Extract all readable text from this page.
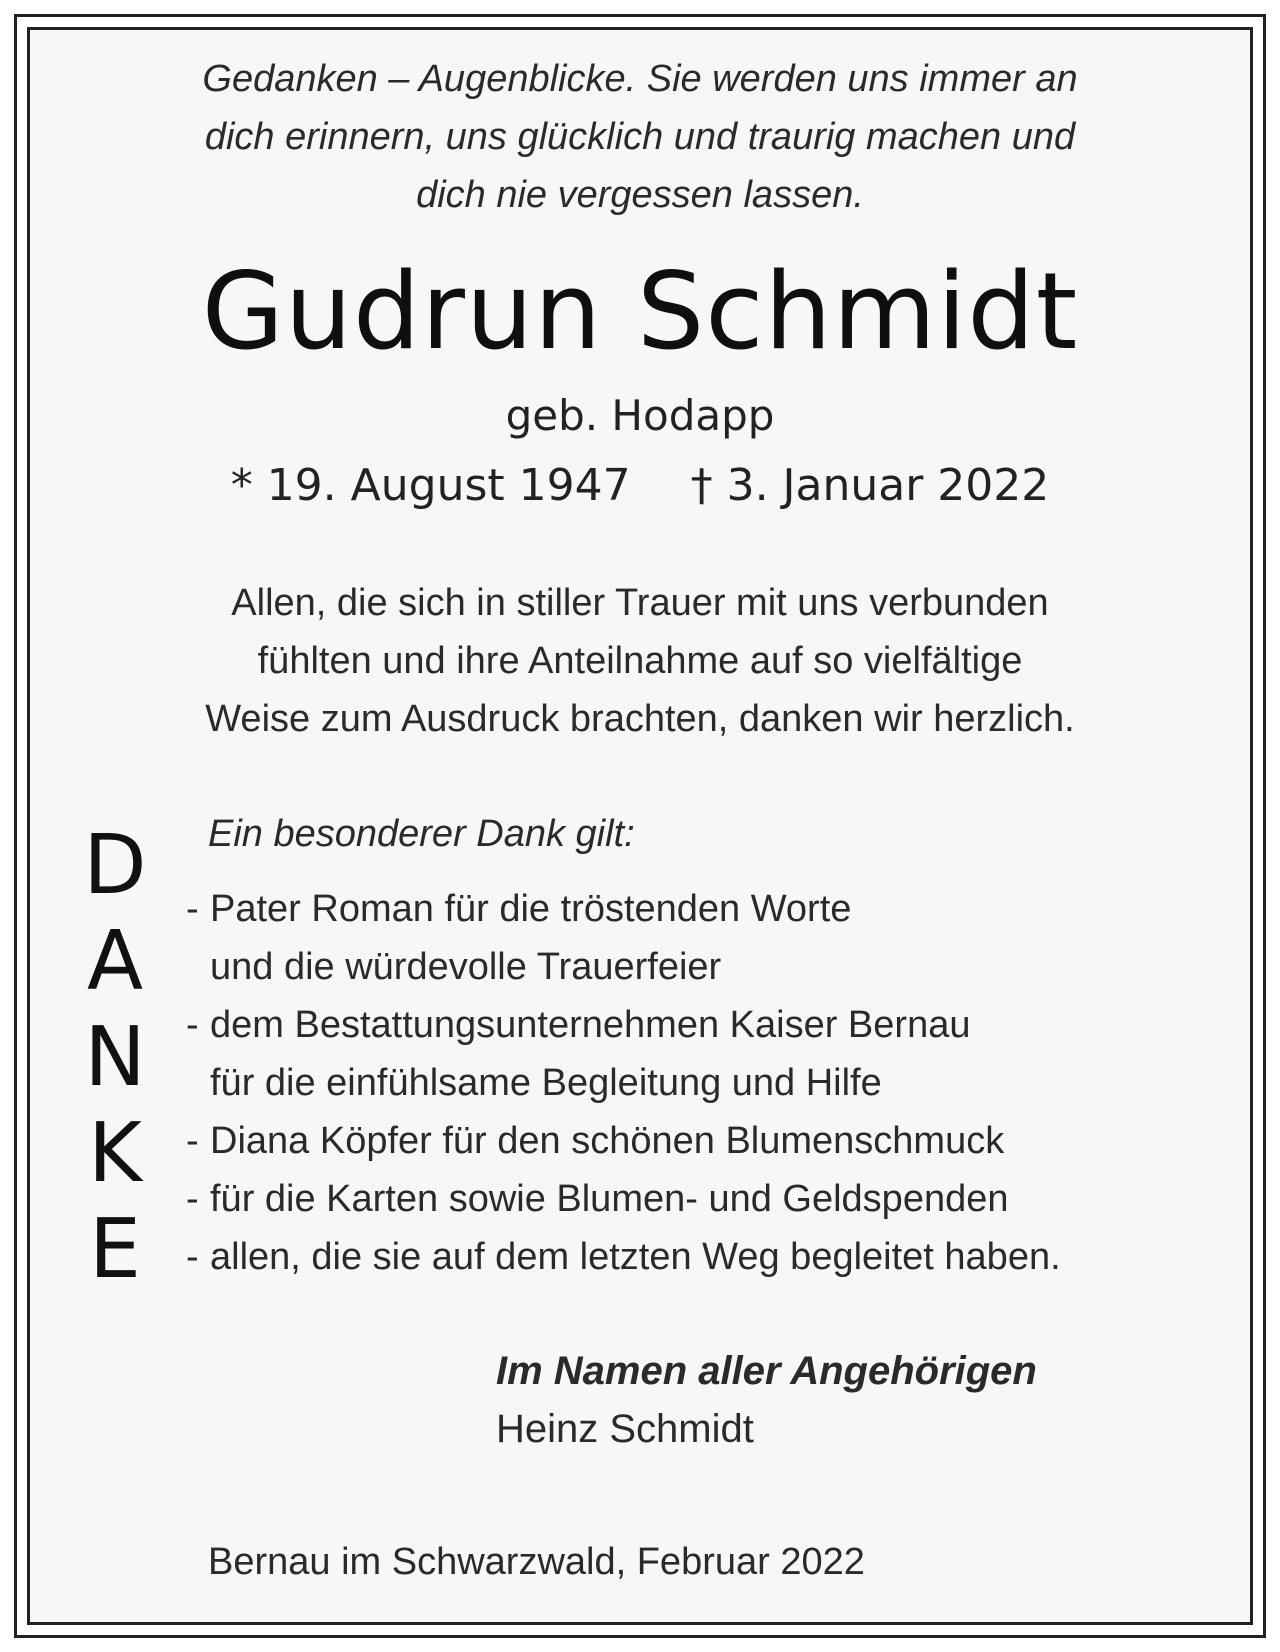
Gedanken – Augenblicke. Sie werden uns immer an
dich erinnern, uns glücklich und traurig machen und
dich nie vergessen lassen.
Gudrun Schmidt
geb. Hodapp
* 19. August 1947 † 3. Januar 2022
Allen, die sich in stiller Trauer mit uns verbunden
fühlten und ihre Anteilnahme auf so vielfältige
Weise zum Ausdruck brachten, danken wir herzlich.
D
A
N
K
E
Ein besonderer Dank gilt:
- Pater Roman für die tröstenden Worte
und die würdevolle Trauerfeier
- dem Bestattungsunternehmen Kaiser Bernau
für die einfühlsame Begleitung und Hilfe
- Diana Köpfer für den schönen Blumenschmuck
- für die Karten sowie Blumen- und Geldspenden
- allen, die sie auf dem letzten Weg begleitet haben.
Im Namen aller Angehörigen
Heinz Schmidt
Bernau im Schwarzwald, Februar 2022
